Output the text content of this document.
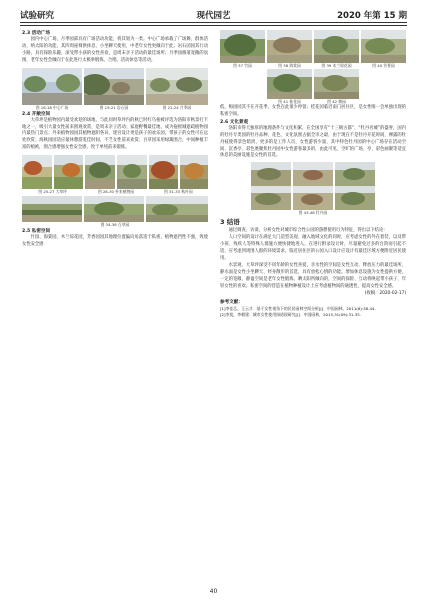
试验研究	现代园艺	2020 年第 15 期

2.3 活动广场

园内中心广场、月季园部具有广场活动功能，将其划为一类。中心广场承载了广场舞、群体活动、纳太阳的功能，其四周座椅供休息、小坐聊天使用，中老年女性更倾向于此；岩石园园其行动小路，具有探险乐趣，深受带小孩的女性喜欢，是周末亲子活动的最佳场所；月季园修道宽敞的氛围，老年女性会倾向于在此进行太极拳锻炼、合唱、活动休息等活动。

图 16-18 中心广场	图 19-21 岩石园	图 22-24 月季园

2.4 开敞空间

大草坪是植物园内最受欢迎的场地，与此同时草坪内的秋已时红乌桕被评选为洛阳市秋景打卡地之一，吸引大量女性前来围观欢赏，是周末亲子活动、家庭野餐最佳地，成为拖摇城遮疏植物园内最热门景点；外来植物园园其植物遮阴各异，迷宫设计更是孩子的欢乐园，带孩子的女性可在远处欣赏；海秋园园适应最休憩游览佳时间，不乏女性前来欢赏；百草园采用绿篱围合，中间种植丰富的植被，围合感增强女性安全感，致于单纯前来锻炼。

图 25-27 大草坪	图 28-30 外来植物园	图 31-33 秋叶园
图 34-36 百草园

2.5 私密空间

竹园、海棠园、木兰琼花园、芳香园园其地理位置偏向角落适于私密，植物遮挡性不强，致使女性安全感

图 37 竹园	图 38 海棠园	图 39 木兰琼花园	图 40 芳香园
图 41 桂花园	图 42 梅园

低，梅园园其不在开花季，女性在此很少停留；桂花园临近南门居住区，是女性唯一会单独出现的私密空间。

2.6 文化景观

洛阳市得天独厚的地理条件与文化积累，在全国享有“十三朝古都”、“牡丹名城”的盛誉，国内的牡丹专类园的牡丹品种、花色、文化氛围占据全市之最，由于现在不是牡丹开花时间，裸露的牡丹枝使得景色暗淡，更多的是工作人员，女性游客少量，其中特色牡丹园的中心广场存在活动空间、沉香亭、彩色底聚焦牡丹园中女性游客最多的，由此可见，空旷的广场、亭、彩色画聚等适宜休息的美丽设施是女性的首选。

图 43-48 牡丹园

3 结语

通过调查、访谈，分析女性对城市综合性公园的游憩使用行为特征，得出以下结论：

人口空间的设计在满足大门造型美观、融入地域文化的同时，应考虑女性的外在着装，以及带小孩、残疾人等特殊人群施方便快捷地进入，在进行附录设计时，尽量避免过多的台阶而引起不适，应考虑到周围人群的环境需求，临近居住区的公园入口设计应设计有最佳区域方便附近居民使用。

水景观、大草坪深受不同年龄的女性喜爱，亲水性的空间是女性互动、释放压力的最佳场所，静水面是女性小坐聊天、经身散步的首选，具有放松心情的功能。增加休息设施为女性提供方便，一定的宽敞、静谧空间是老年女性锻炼、晒太阳所倾向的，空间的探险、互动将唤起带小孩子、年轻女性的喜欢。私密空间的营造在植物种植设计上应考虑植物间的通透性，提高女性安全感。

(收稿：2020-02-17)

参考文献：

[1]李佳芯，王云才．基于女性视角下的民居园林空间分析[J]．中国园林，2011(6):38-44.

[2]李莫，李朝建．城市女性使用绿道现研究[J]．中国园林，2015,31(09):31-35.

40
